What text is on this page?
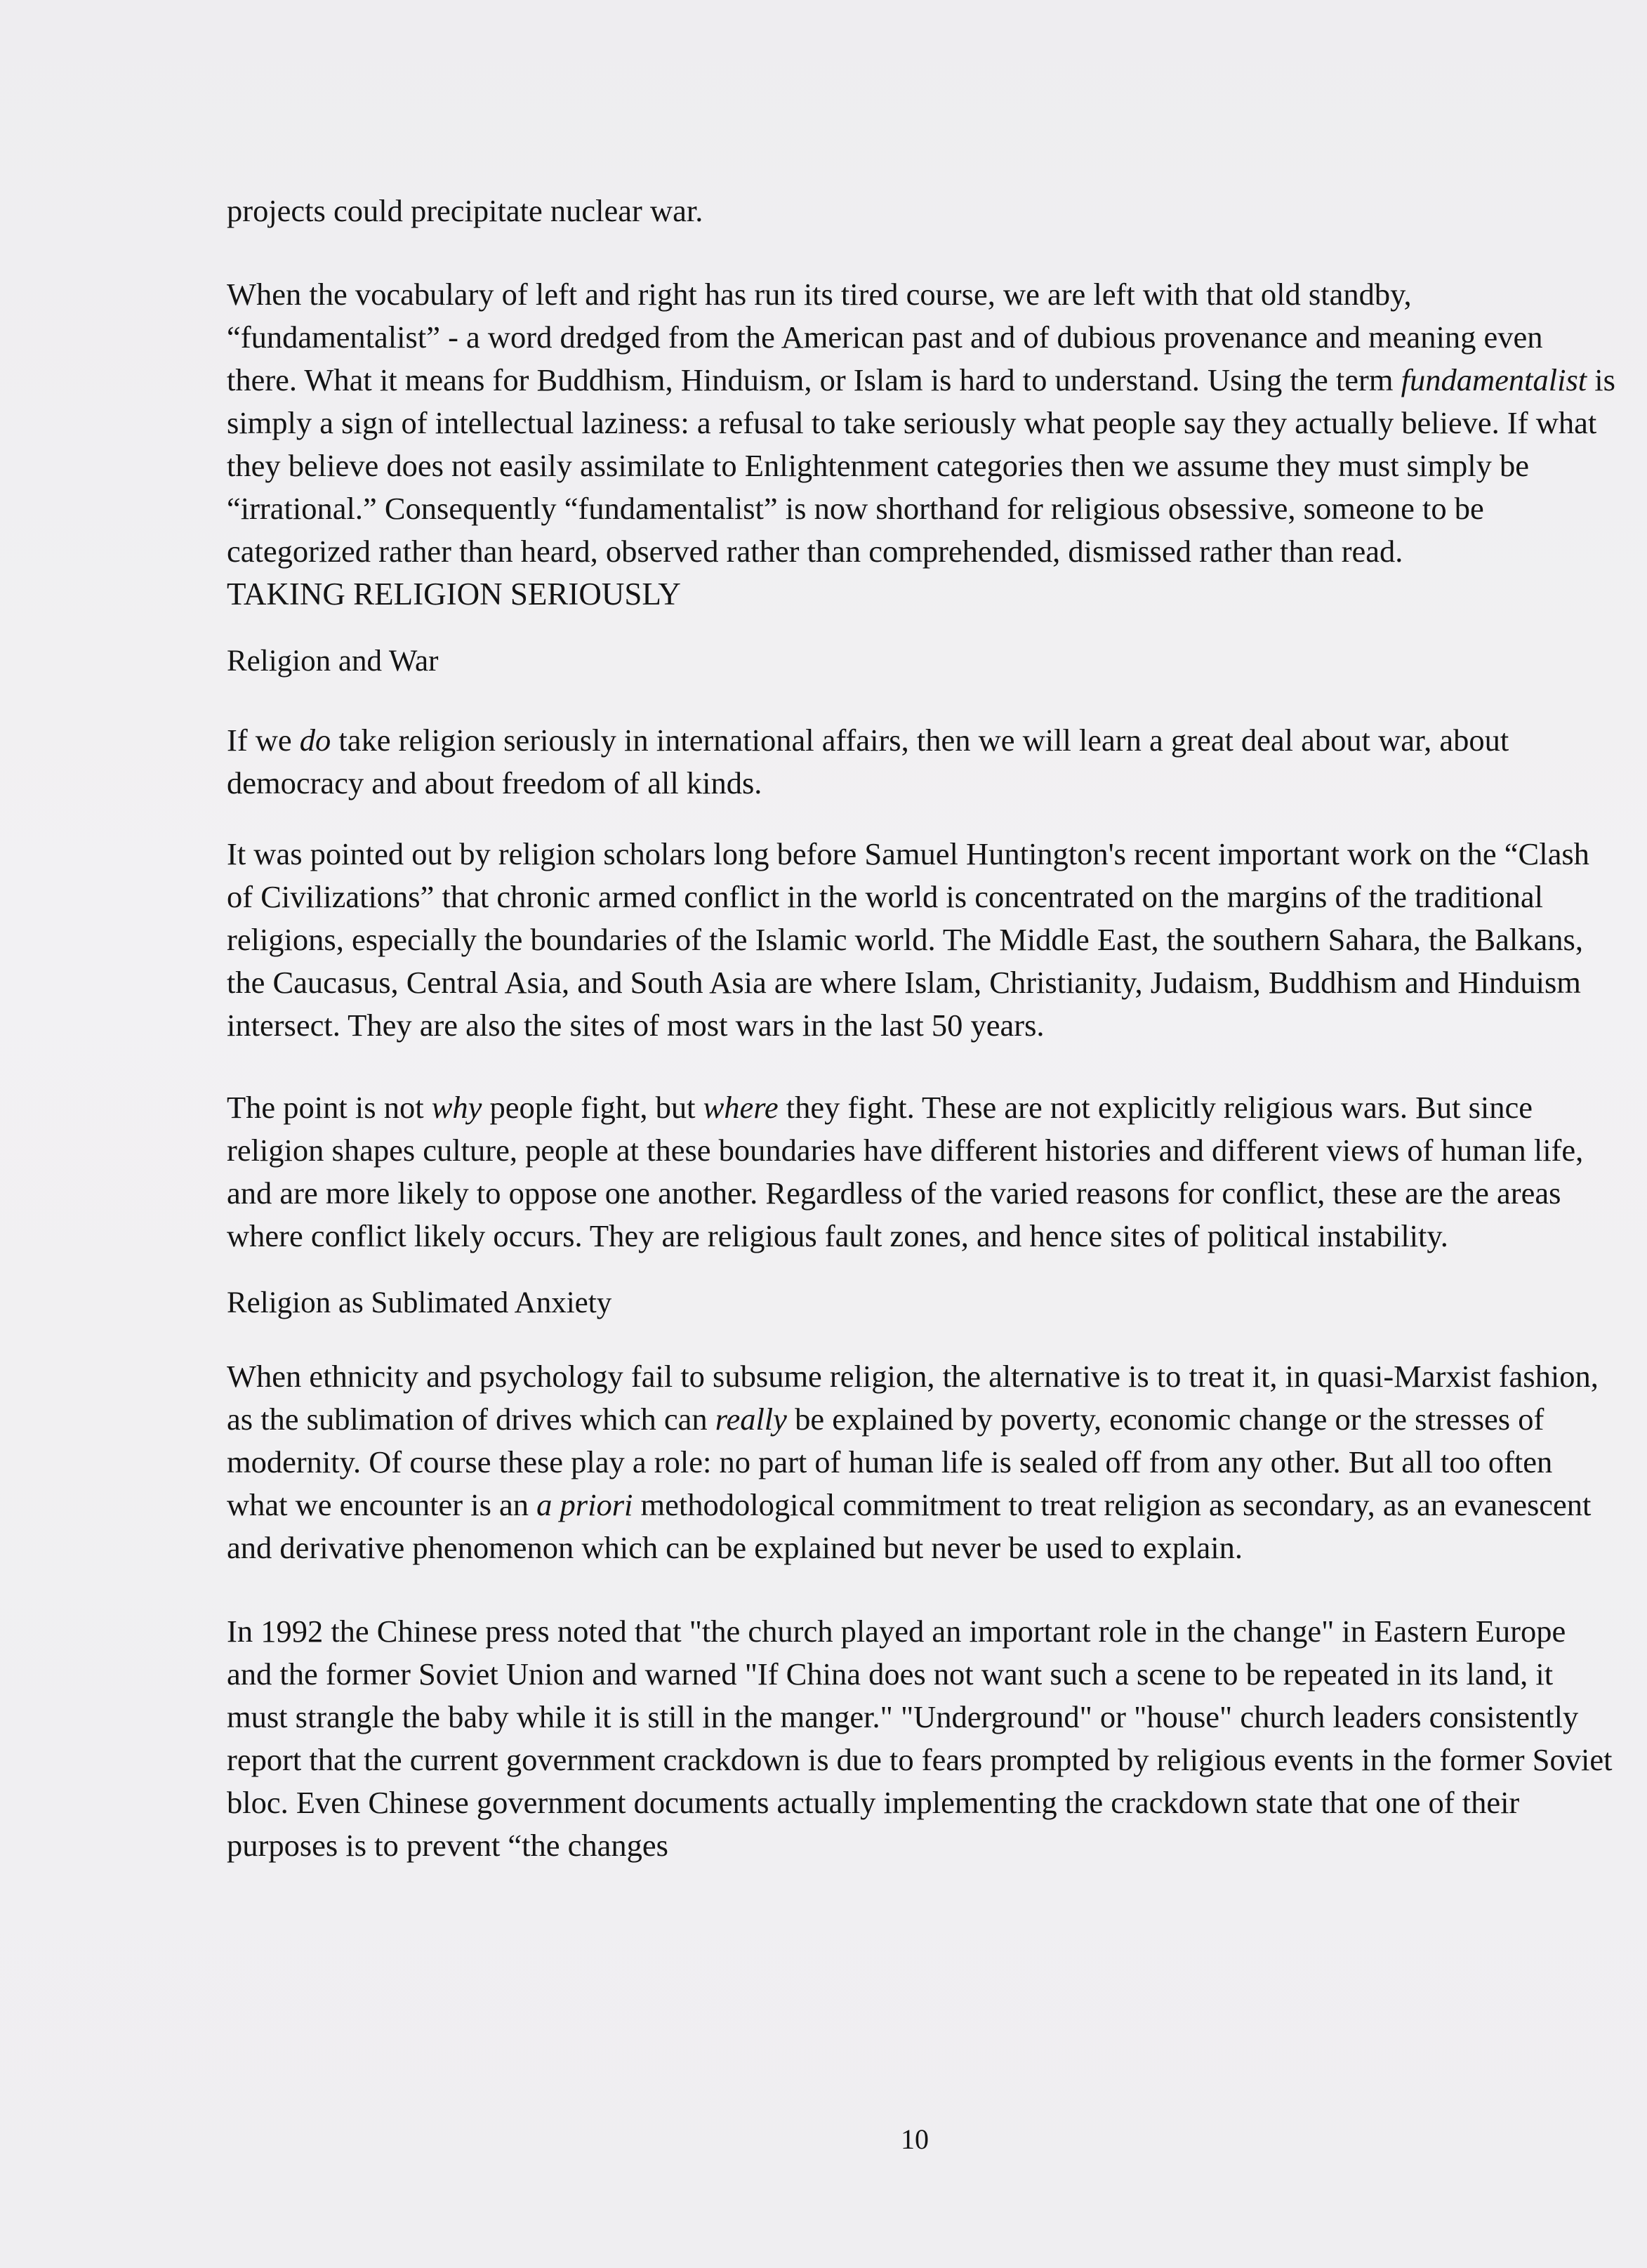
projects could precipitate nuclear war.

When the vocabulary of left and right has run its tired course, we are left with that old standby, “fundamentalist” - a word dredged from the American past and of dubious provenance and meaning even there. What it means for Buddhism, Hinduism, or Islam is hard to understand. Using the term fundamentalist is simply a sign of intellectual laziness: a refusal to take seriously what people say they actually believe. If what they believe does not easily assimilate to Enlightenment categories then we assume they must simply be “irrational.” Consequently “fundamentalist” is now shorthand for religious obsessive, someone to be categorized rather than heard, observed rather than comprehended, dismissed rather than read.

TAKING RELIGION SERIOUSLY

Religion and War

If we do take religion seriously in international affairs, then we will learn a great deal about war, about democracy and about freedom of all kinds.

It was pointed out by religion scholars long before Samuel Huntington's recent important work on the “Clash of Civilizations” that chronic armed conflict in the world is concentrated on the margins of the traditional religions, especially the boundaries of the Islamic world. The Middle East, the southern Sahara, the Balkans, the Caucasus, Central Asia, and South Asia are where Islam, Christianity, Judaism, Buddhism and Hinduism intersect. They are also the sites of most wars in the last 50 years.

The point is not why people fight, but where they fight. These are not explicitly religious wars. But since religion shapes culture, people at these boundaries have different histories and different views of human life, and are more likely to oppose one another. Regardless of the varied reasons for conflict, these are the areas where conflict likely occurs. They are religious fault zones, and hence sites of political instability.

Religion as Sublimated Anxiety

When ethnicity and psychology fail to subsume religion, the alternative is to treat it, in quasi-Marxist fashion, as the sublimation of drives which can really be explained by poverty, economic change or the stresses of modernity. Of course these play a role: no part of human life is sealed off from any other. But all too often what we encounter is an a priori methodological commitment to treat religion as secondary, as an evanescent and derivative phenomenon which can be explained but never be used to explain.

In 1992 the Chinese press noted that "the church played an important role in the change" in Eastern Europe and the former Soviet Union and warned "If China does not want such a scene to be repeated in its land, it must strangle the baby while it is still in the manger." "Underground" or "house" church leaders consistently report that the current government crackdown is due to fears prompted by religious events in the former Soviet bloc. Even Chinese government documents actually implementing the crackdown state that one of their purposes is to prevent “the changes

10
